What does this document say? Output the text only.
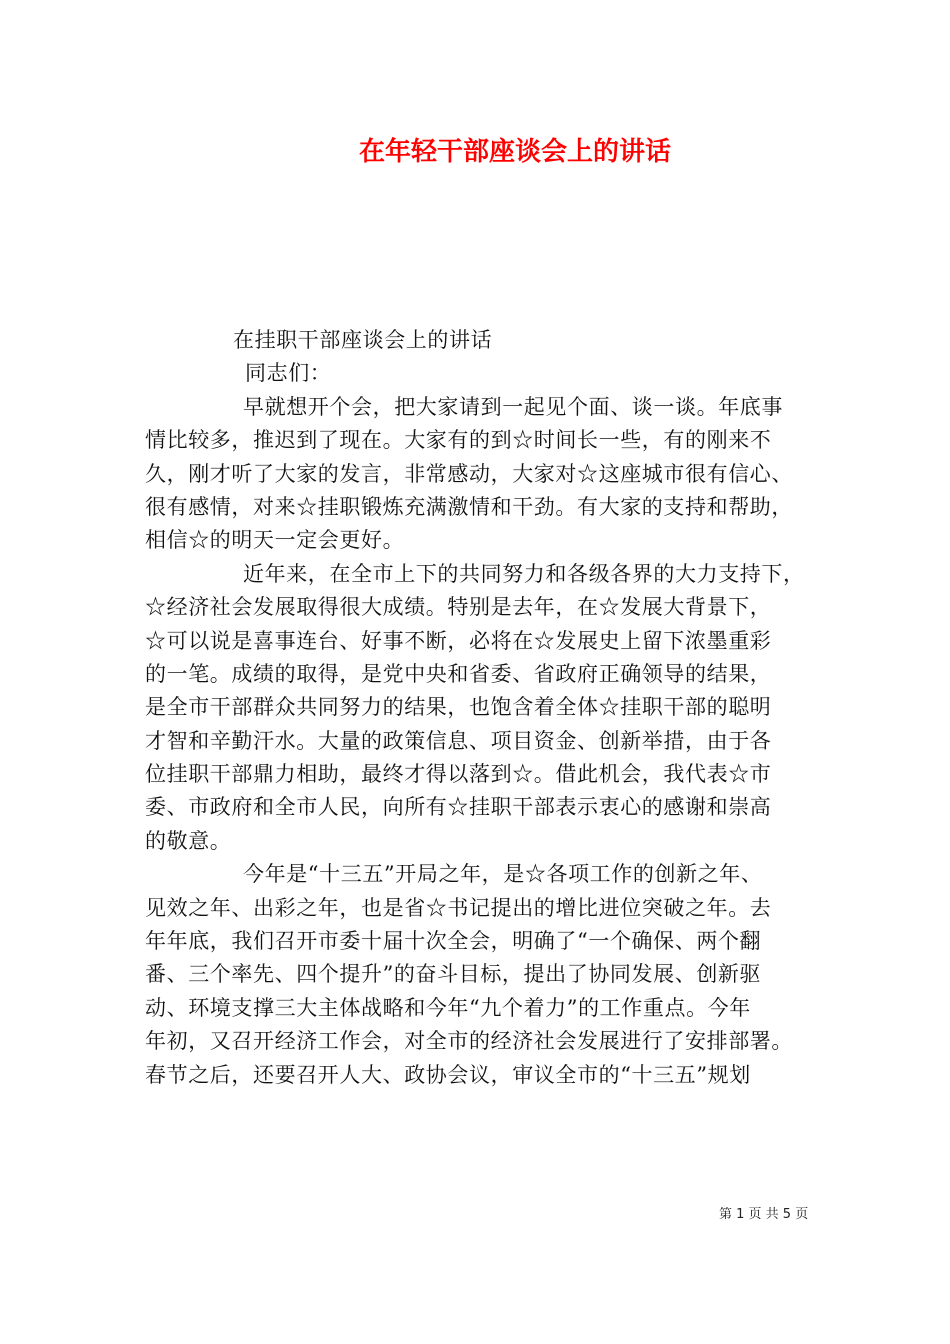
在年轻干部座谈会上的讲话
在挂职干部座谈会上的讲话
同志们：
早就想开个会，把大家请到一起见个面、谈一谈。年底事
情比较多，推迟到了现在。大家有的到☆时间长一些，有的刚来不
久，刚才听了大家的发言，非常感动，大家对☆这座城市很有信心、
很有感情，对来☆挂职锻炼充满激情和干劲。有大家的支持和帮助，
相信☆的明天一定会更好。
近年来，在全市上下的共同努力和各级各界的大力支持下，
☆经济社会发展取得很大成绩。特别是去年，在☆发展大背景下，
☆可以说是喜事连台、好事不断，必将在☆发展史上留下浓墨重彩
的一笔。成绩的取得，是党中央和省委、省政府正确领导的结果，
是全市干部群众共同努力的结果，也饱含着全体☆挂职干部的聪明
才智和辛勤汗水。大量的政策信息、项目资金、创新举措，由于各
位挂职干部鼎力相助，最终才得以落到☆。借此机会，我代表☆市
委、市政府和全市人民，向所有☆挂职干部表示衷心的感谢和崇高
的敬意。
今年是“十三五”开局之年，是☆各项工作的创新之年、
见效之年、出彩之年，也是省☆书记提出的增比进位突破之年。去
年年底，我们召开市委十届十次全会，明确了“一个确保、两个翻
番、三个率先、四个提升”的奋斗目标，提出了协同发展、创新驱
动、环境支撑三大主体战略和今年“九个着力”的工作重点。今年
年初，又召开经济工作会，对全市的经济社会发展进行了安排部署。
春节之后，还要召开人大、政协会议，审议全市的“十三五”规划
第 1 页 共 5 页
